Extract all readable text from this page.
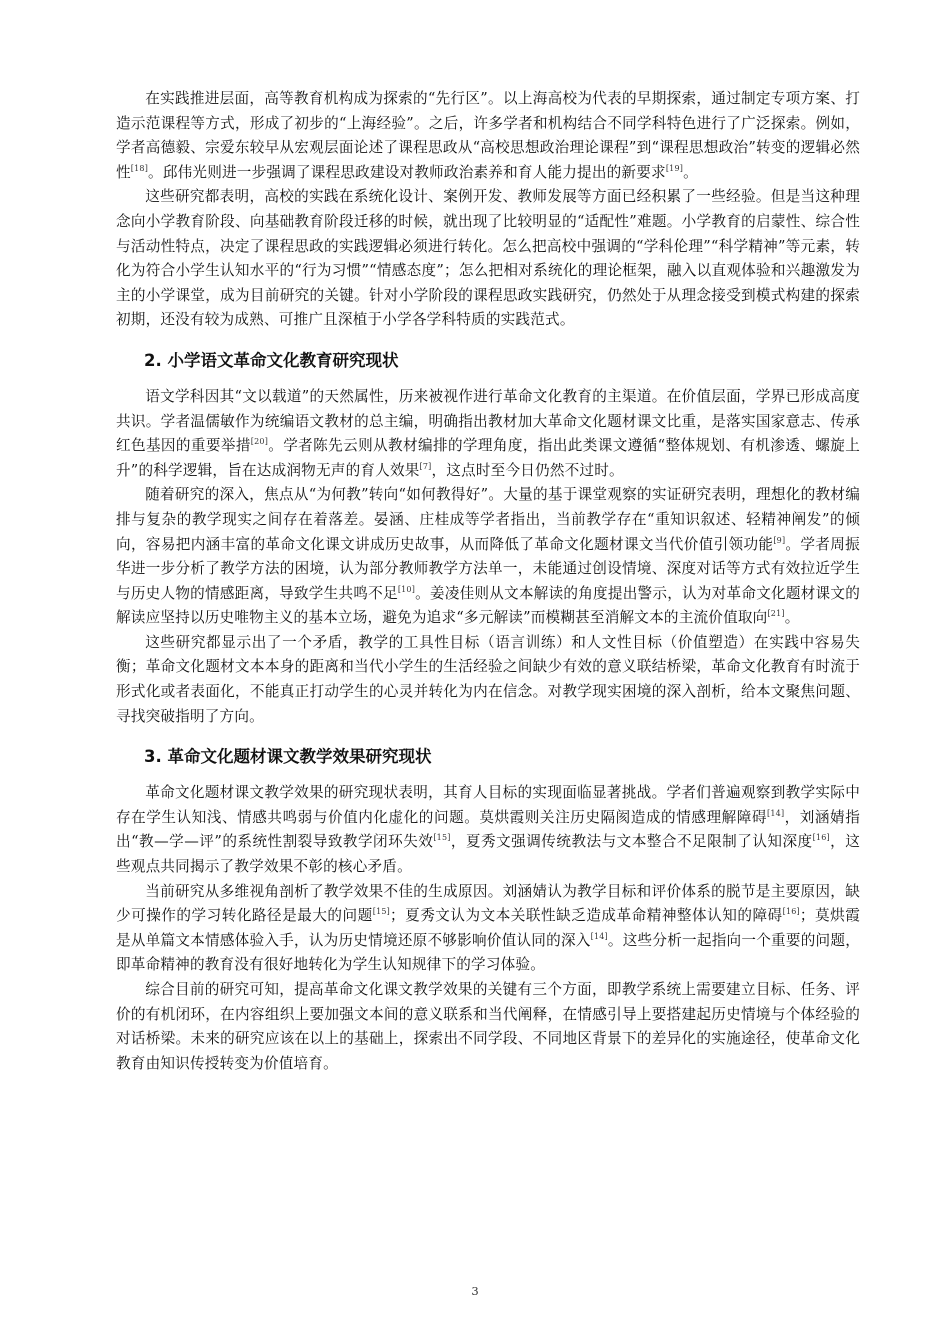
在实践推进层面，高等教育机构成为探索的“先行区”。以上海高校为代表的早期探索，通过制定专项方案、打造示范课程等方式，形成了初步的“上海经验”。之后，许多学者和机构结合不同学科特色进行了广泛探索。例如，学者高德毅、宗爱东较早从宏观层面论述了课程思政从“高校思想政治理论课程”到“课程思想政治”转变的逻辑必然性[18]。邱伟光则进一步强调了课程思政建设对教师政治素养和育人能力提出的新要求[19]。

这些研究都表明，高校的实践在系统化设计、案例开发、教师发展等方面已经积累了一些经验。但是当这种理念向小学教育阶段、向基础教育阶段迁移的时候，就出现了比较明显的“适配性”难题。小学教育的启蒙性、综合性与活动性特点，决定了课程思政的实践逻辑必须进行转化。怎么把高校中强调的“学科伦理”“科学精神”等元素，转化为符合小学生认知水平的“行为习惯”“情感态度”；怎么把相对系统化的理论框架，融入以直观体验和兴趣激发为主的小学课堂，成为目前研究的关键。针对小学阶段的课程思政实践研究，仍然处于从理念接受到模式构建的探索初期，还没有较为成熟、可推广且深植于小学各学科特质的实践范式。

2. 小学语文革命文化教育研究现状

语文学科因其“文以载道”的天然属性，历来被视作进行革命文化教育的主渠道。在价值层面，学界已形成高度共识。学者温儒敏作为统编语文教材的总主编，明确指出教材加大革命文化题材课文比重，是落实国家意志、传承红色基因的重要举措[20]。学者陈先云则从教材编排的学理角度，指出此类课文遵循“整体规划、有机渗透、螺旋上升”的科学逻辑，旨在达成润物无声的育人效果[7]，这点时至今日仍然不过时。

随着研究的深入，焦点从“为何教”转向“如何教得好”。大量的基于课堂观察的实证研究表明，理想化的教材编排与复杂的教学现实之间存在着落差。晏涵、庄桂成等学者指出，当前教学存在“重知识叙述、轻精神阐发”的倾向，容易把内涵丰富的革命文化课文讲成历史故事，从而降低了革命文化题材课文当代价值引领功能[9]。学者周振华进一步分析了教学方法的困境，认为部分教师教学方法单一，未能通过创设情境、深度对话等方式有效拉近学生与历史人物的情感距离，导致学生共鸣不足[10]。姜凌佳则从文本解读的角度提出警示，认为对革命文化题材课文的解读应坚持以历史唯物主义的基本立场，避免为追求“多元解读”而模糊甚至消解文本的主流价值取向[21]。

这些研究都显示出了一个矛盾，教学的工具性目标（语言训练）和人文性目标（价值塑造）在实践中容易失衡；革命文化题材文本本身的距离和当代小学生的生活经验之间缺少有效的意义联结桥梁，革命文化教育有时流于形式化或者表面化，不能真正打动学生的心灵并转化为内在信念。对教学现实困境的深入剖析，给本文聚焦问题、寻找突破指明了方向。

3. 革命文化题材课文教学效果研究现状

革命文化题材课文教学效果的研究现状表明，其育人目标的实现面临显著挑战。学者们普遍观察到教学实际中存在学生认知浅、情感共鸣弱与价值内化虚化的问题。莫烘霞则关注历史隔阂造成的情感理解障碍[14]，刘涵婧指出“教—学—评”的系统性割裂导致教学闭环失效[15]，夏秀文强调传统教法与文本整合不足限制了认知深度[16]，这些观点共同揭示了教学效果不彰的核心矛盾。

当前研究从多维视角剖析了教学效果不佳的生成原因。刘涵婧认为教学目标和评价体系的脱节是主要原因，缺少可操作的学习转化路径是最大的问题[15]；夏秀文认为文本关联性缺乏造成革命精神整体认知的障碍[16]；莫烘霞是从单篇文本情感体验入手，认为历史情境还原不够影响价值认同的深入[14]。这些分析一起指向一个重要的问题，即革命精神的教育没有很好地转化为学生认知规律下的学习体验。

综合目前的研究可知，提高革命文化课文教学效果的关键有三个方面，即教学系统上需要建立目标、任务、评价的有机闭环，在内容组织上要加强文本间的意义联系和当代阐释，在情感引导上要搭建起历史情境与个体经验的对话桥梁。未来的研究应该在以上的基础上，探索出不同学段、不同地区背景下的差异化的实施途径，使革命文化教育由知识传授转变为价值培育。

3
